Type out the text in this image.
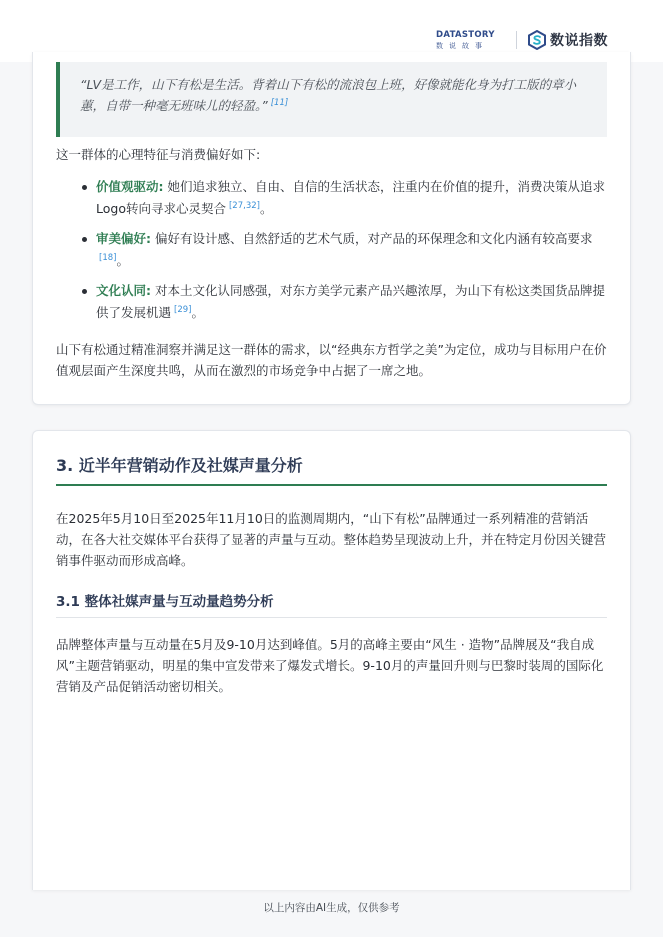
DATASTORY
数说故事	数说指数
“LV是工作，山下有松是生活。背着山下有松的流浪包上班，好像就能化身为打工版的章小蕙，自带一种毫无班味儿的轻盈。” [11]
这一群体的心理特征与消费偏好如下:
价值观驱动: 她们追求独立、自由、自信的生活状态，注重内在价值的提升，消费决策从追求Logo转向寻求心灵契合 [27,32]。
审美偏好: 偏好有设计感、自然舒适的艺术气质，对产品的环保理念和文化内涵有较高要求[18]。
文化认同: 对本土文化认同感强，对东方美学元素产品兴趣浓厚，为山下有松这类国货品牌提供了发展机遇 [29]。
山下有松通过精准洞察并满足这一群体的需求，以“经典东方哲学之美”为定位，成功与目标用户在价值观层面产生深度共鸣，从而在激烈的市场竞争中占据了一席之地。
3. 近半年营销动作及社媒声量分析
在2025年5月10日至2025年11月10日的监测周期内，“山下有松”品牌通过一系列精准的营销活动，在各大社交媒体平台获得了显著的声量与互动。整体趋势呈现波动上升，并在特定月份因关键营销事件驱动而形成高峰。
3.1 整体社媒声量与互动量趋势分析
品牌整体声量与互动量在5月及9-10月达到峰值。5月的高峰主要由“风生 · 造物”品牌展及“我自成风”主题营销驱动，明星的集中宣发带来了爆发式增长。9-10月的声量回升则与巴黎时装周的国际化营销及产品促销活动密切相关。
以上内容由AI生成，仅供参考
